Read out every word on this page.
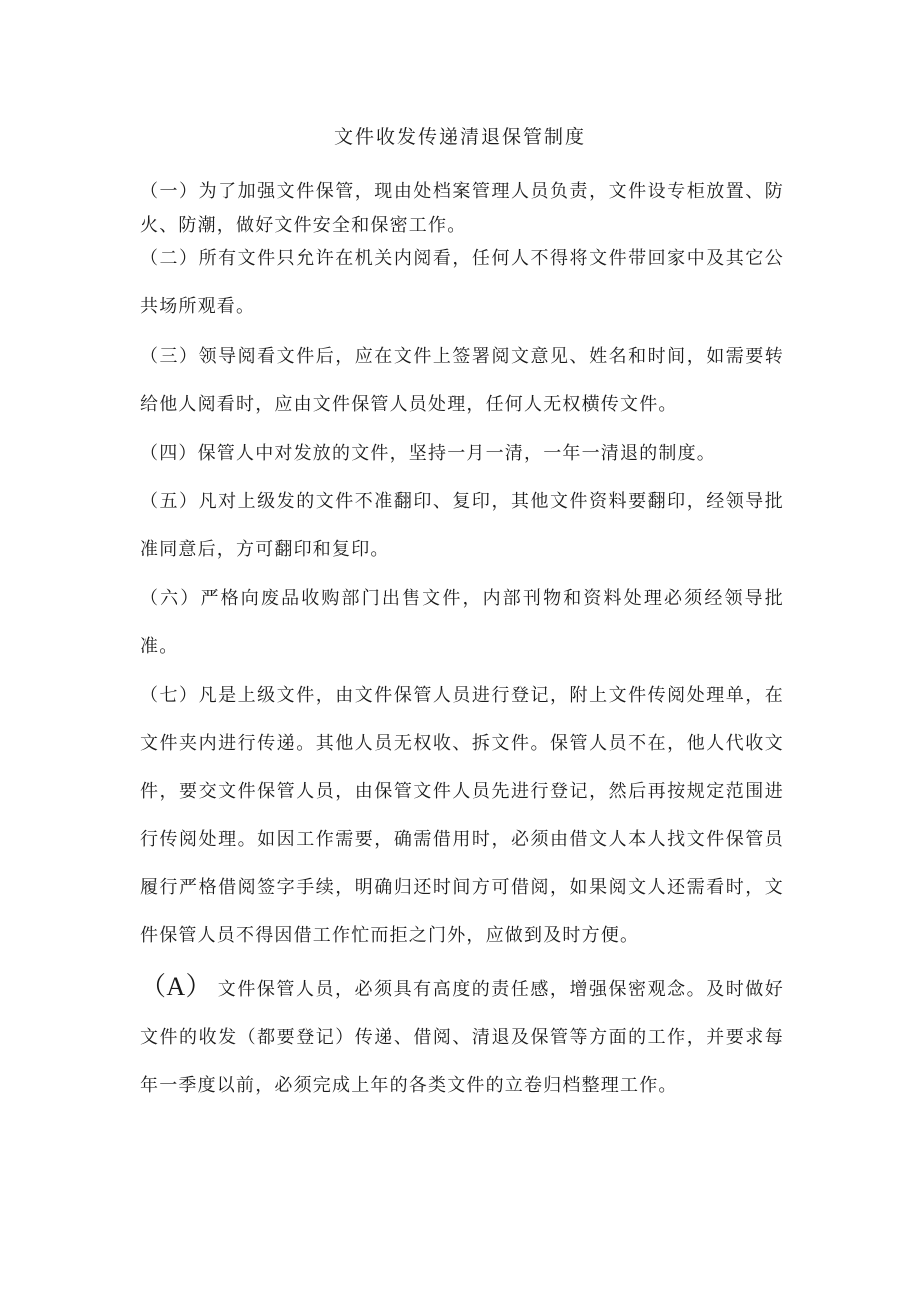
文件收发传递清退保管制度

（一）为了加强文件保管，现由处档案管理人员负责，文件设专柜放置、防火、防潮，做好文件安全和保密工作。

（二）所有文件只允许在机关内阅看，任何人不得将文件带回家中及其它公共场所观看。

（三）领导阅看文件后，应在文件上签署阅文意见、姓名和时间，如需要转给他人阅看时，应由文件保管人员处理，任何人无权横传文件。

（四）保管人中对发放的文件，坚持一月一清，一年一清退的制度。

（五）凡对上级发的文件不准翻印、复印，其他文件资料要翻印，经领导批准同意后，方可翻印和复印。

（六）严格向废品收购部门出售文件，内部刊物和资料处理必须经领导批准。

（七）凡是上级文件，由文件保管人员进行登记，附上文件传阅处理单，在文件夹内进行传递。其他人员无权收、拆文件。保管人员不在，他人代收文件，要交文件保管人员，由保管文件人员先进行登记，然后再按规定范围进行传阅处理。如因工作需要，确需借用时，必须由借文人本人找文件保管员履行严格借阅签字手续，明确归还时间方可借阅，如果阅文人还需看时，文件保管人员不得因借工作忙而拒之门外，应做到及时方便。

（A） 文件保管人员，必须具有高度的责任感，增强保密观念。及时做好文件的收发（都要登记）传递、借阅、清退及保管等方面的工作，并要求每年一季度以前，必须完成上年的各类文件的立卷归档整理工作。
